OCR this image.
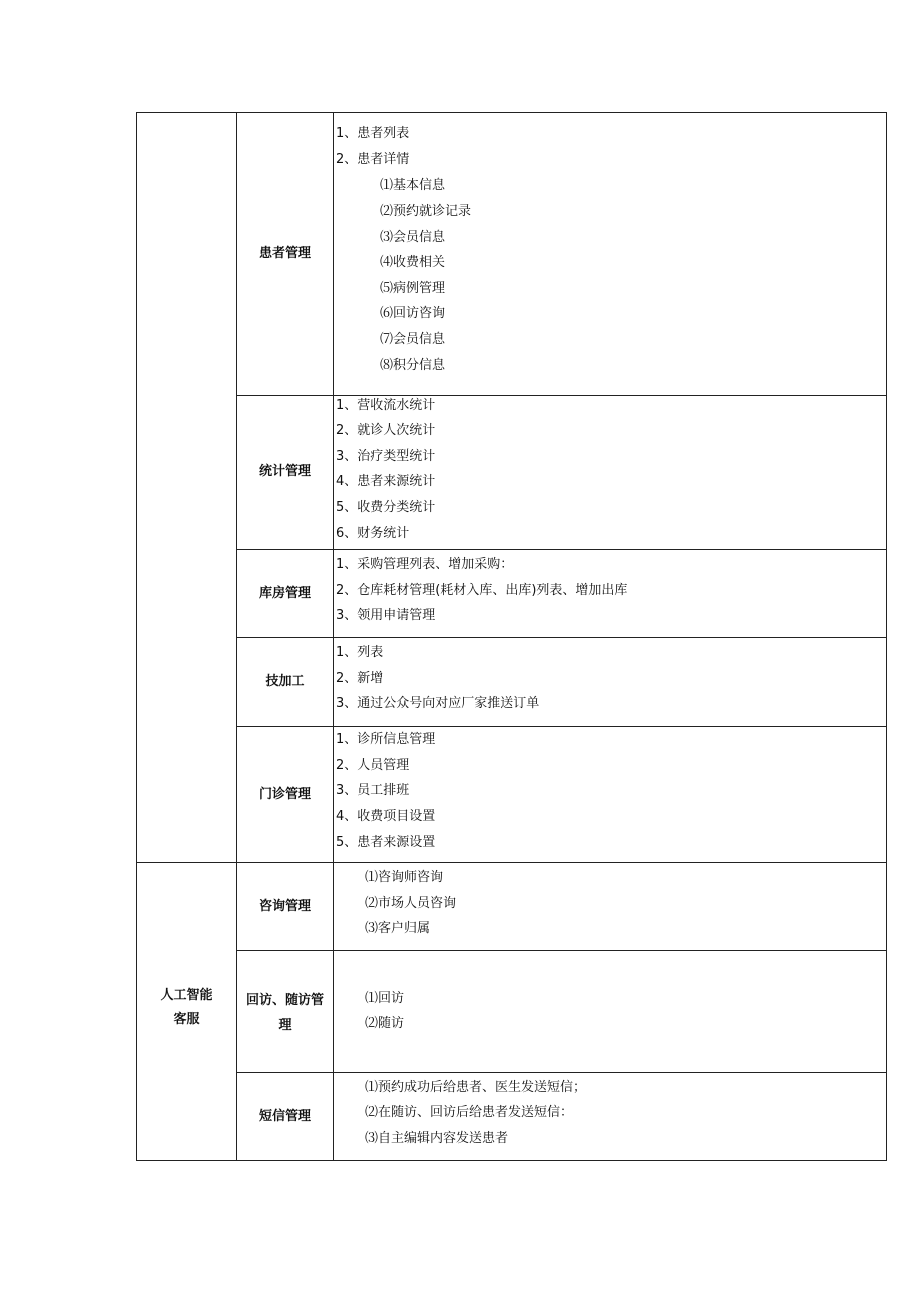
人工智能
客服
患者管理
统计管理
库房管理
技加工
门诊管理
咨询管理
回访、随访管
理
短信管理
1、患者列表
2、患者详情
⑴基本信息
⑵预约就诊记录
⑶会员信息
⑷收费相关
⑸病例管理
⑹回访咨询
⑺会员信息
⑻积分信息
1、营收流水统计
2、就诊人次统计
3、治疗类型统计
4、患者来源统计
5、收费分类统计
6、财务统计
1、采购管理列表、增加采购：
2、仓库耗材管理(耗材入库、出库)列表、增加出库
3、领用申请管理
1、列表
2、新增
3、通过公众号向对应厂家推送订单
1、诊所信息管理
2、人员管理
3、员工排班
4、收费项目设置
5、患者来源设置
⑴咨询师咨询
⑵市场人员咨询
⑶客户归属
⑴回访
⑵随访
⑴预约成功后给患者、医生发送短信；
⑵在随访、回访后给患者发送短信：
⑶自主编辑内容发送患者
